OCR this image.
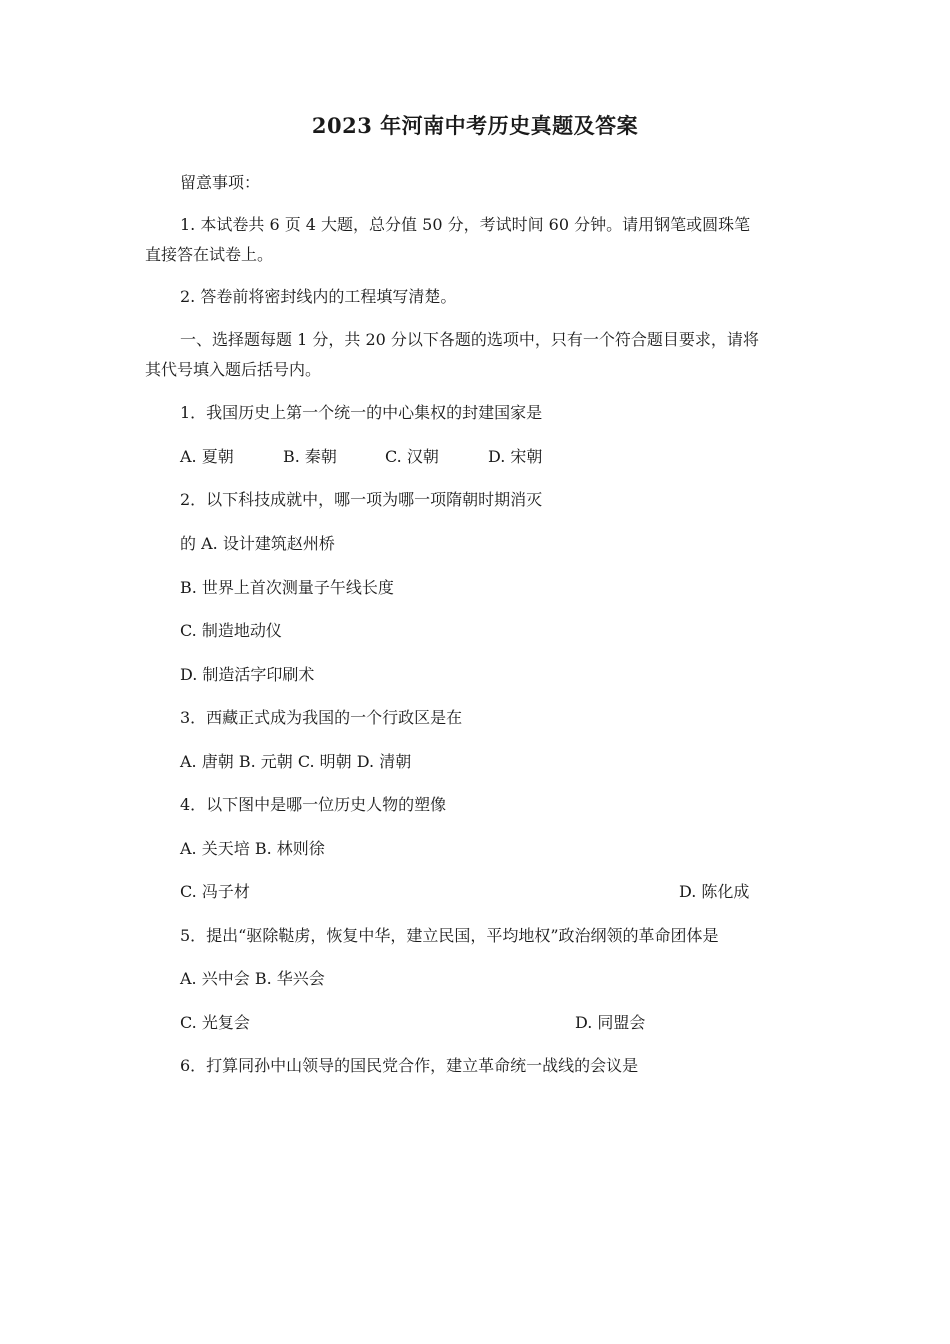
2023 年河南中考历史真题及答案
留意事项：
1. 本试卷共 6 页 4 大题，总分值 50 分，考试时间 60 分钟。请用钢笔或圆珠笔
直接答在试卷上。
2. 答卷前将密封线内的工程填写清楚。
一、选择题每题 1 分，共 20 分以下各题的选项中，只有一个符合题目要求，请将
其代号填入题后括号内。
1．我国历史上第一个统一的中心集权的封建国家是
A. 夏朝	B. 秦朝	C. 汉朝	D. 宋朝
2．以下科技成就中，哪一项为哪一项隋朝时期消灭
的 A. 设计建筑赵州桥
B. 世界上首次测量子午线长度
C. 制造地动仪
D. 制造活字印刷术
3．西藏正式成为我国的一个行政区是在
A. 唐朝 B. 元朝 C. 明朝 D. 清朝
4．以下图中是哪一位历史人物的塑像
A. 关天培 B. 林则徐
C. 冯子材	D. 陈化成
5．提出“驱除鞑虏，恢复中华，建立民国，平均地权”政治纲领的革命团体是
A. 兴中会 B. 华兴会
C. 光复会	D. 同盟会
6．打算同孙中山领导的国民党合作，建立革命统一战线的会议是
